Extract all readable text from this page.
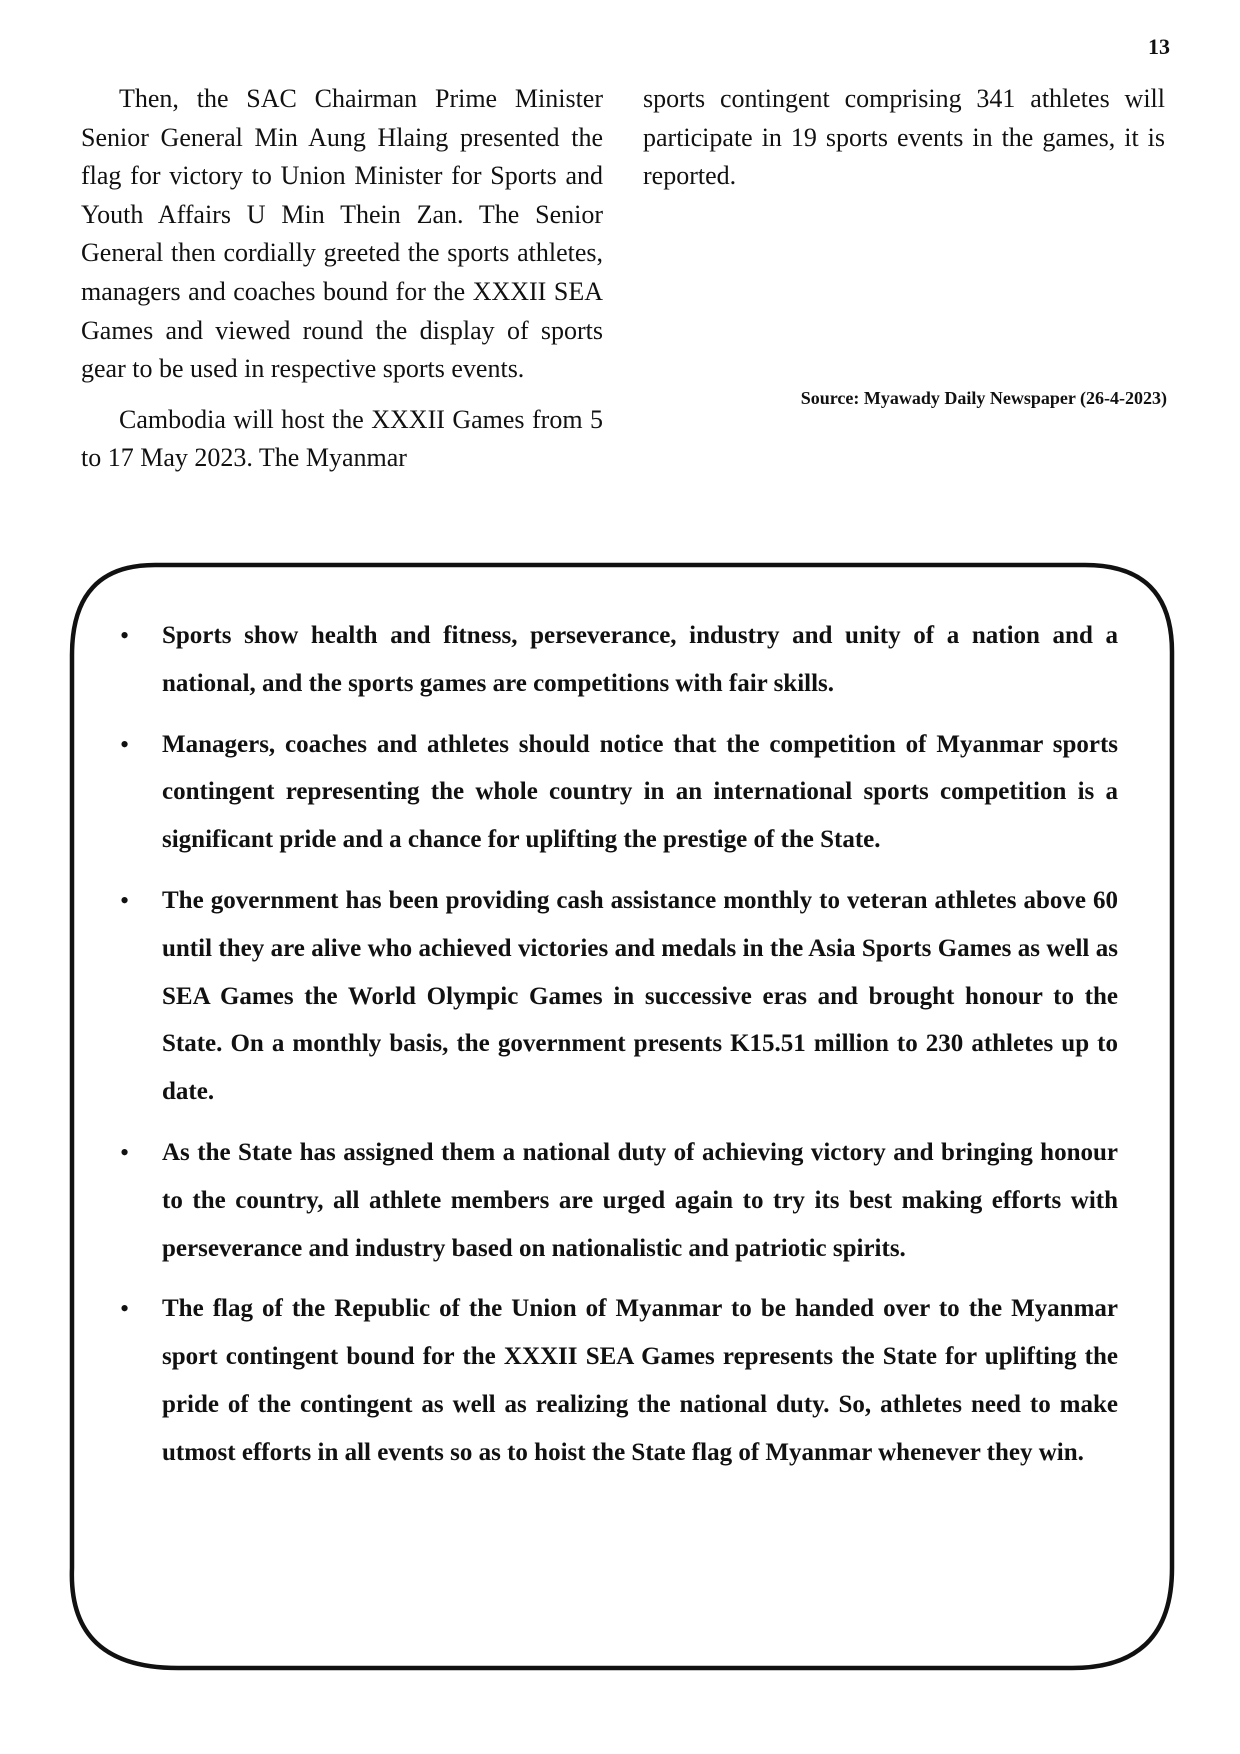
13

Then, the SAC Chairman Prime Minister Senior General Min Aung Hlaing presented the flag for victory to Union Minister for Sports and Youth Affairs U Min Thein Zan. The Senior General then cordially greeted the sports athletes, managers and coaches bound for the XXXII SEA Games and viewed round the display of sports gear to be used in respective sports events.

Cambodia will host the XXXII Games from 5 to 17 May 2023. The Myanmar

sports contingent comprising 341 athletes will participate in 19 sports events in the games, it is reported.

Source: Myawady Daily Newspaper (26-4-2023)
• Sports show health and fitness, perseverance, industry and unity of a nation and a national, and the sports games are competitions with fair skills.
• Managers, coaches and athletes should notice that the competition of Myanmar sports contingent representing the whole country in an international sports competition is a significant pride and a chance for uplifting the prestige of the State.
• The government has been providing cash assistance monthly to veteran athletes above 60 until they are alive who achieved victories and medals in the Asia Sports Games as well as SEA Games the World Olympic Games in successive eras and brought honour to the State. On a monthly basis, the government presents K15.51 million to 230 athletes up to date.
• As the State has assigned them a national duty of achieving victory and bringing honour to the country, all athlete members are urged again to try its best making efforts with perseverance and industry based on nationalistic and patriotic spirits.
• The flag of the Republic of the Union of Myanmar to be handed over to the Myanmar sport contingent bound for the XXXII SEA Games represents the State for uplifting the pride of the contingent as well as realizing the national duty. So, athletes need to make utmost efforts in all events so as to hoist the State flag of Myanmar whenever they win.
